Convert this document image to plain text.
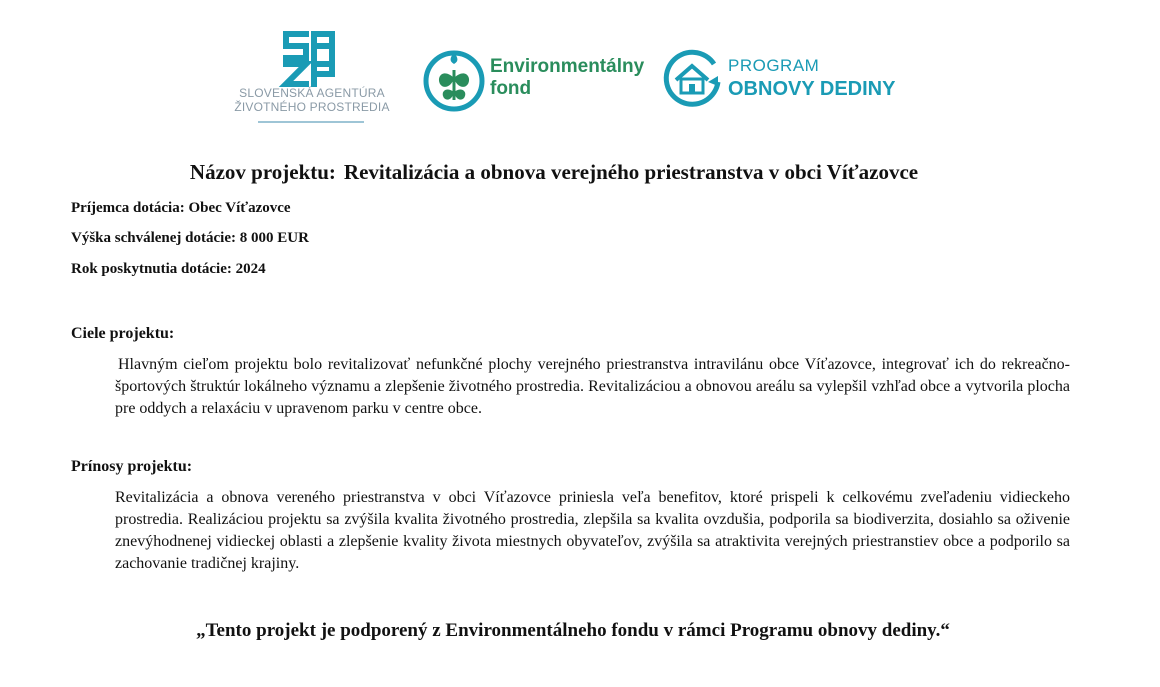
SLOVENSKÁ AGENTÚRA ŽIVOTNÉHO PROSTREDIA
Environmentálny
fond
PROGRAM
OBNOVY DEDINY
Názov projektu: Revitalizácia a obnova verejného priestranstva v obci Víťazovce
Príjemca dotácia: Obec Víťazovce
Výška schválenej dotácie: 8 000 EUR
Rok poskytnutia dotácie: 2024
Ciele projektu:
Hlavným cieľom projektu bolo revitalizovať nefunkčné plochy verejného priestranstva intravilánu obce Víťazovce, integrovať ich do rekreačno-športových štruktúr lokálneho významu a zlepšenie životného prostredia. Revitalizáciou a obnovou areálu sa vylepšil vzhľad obce a vytvorila plocha pre oddych a relaxáciu v upravenom parku v centre obce.
Prínosy projektu:
Revitalizácia a obnova vereného priestranstva v obci Víťazovce priniesla veľa benefitov, ktoré prispeli k celkovému zveľadeniu vidieckeho prostredia. Realizáciou projektu sa zvýšila kvalita životného prostredia, zlepšila sa kvalita ovzdušia, podporila sa biodiverzita, dosiahlo sa oživenie znevýhodnenej vidieckej oblasti a zlepšenie kvality života miestnych obyvateľov, zvýšila sa atraktivita verejných priestranstiev obce a podporilo sa zachovanie tradičnej krajiny.
„Tento projekt je podporený z Environmentálneho fondu v rámci Programu obnovy dediny.“
